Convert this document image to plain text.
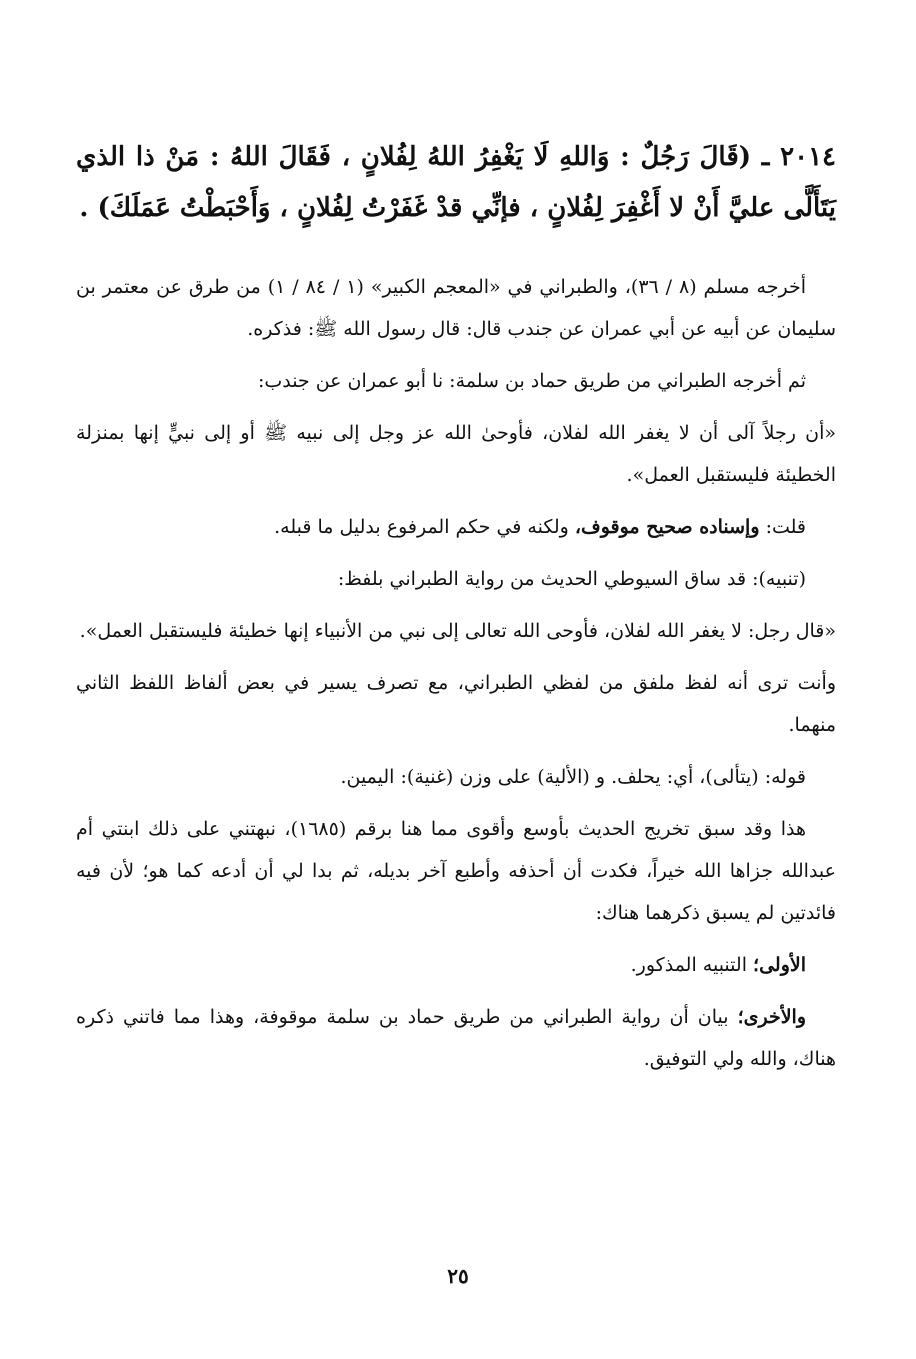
٢٠١٤ ـ (قَالَ رَجُلٌ : وَاللهِ لَا يَغْفِرُ اللهُ لِفُلانٍ ، فَقَالَ اللهُ : مَنْ ذا الذي يَتَأَلَّى عليَّ أَنْ لا أَغْفِرَ لِفُلانٍ ، فإنِّي قدْ غَفَرْتُ لِفُلانٍ ، وَأَحْبَطْتُ عَمَلَكَ) .

أخرجه مسلم (٨ / ٣٦)، والطبراني في «المعجم الكبير» (١ / ٨٤ / ١) من طرق عن معتمر بن سليمان عن أبيه عن أبي عمران عن جندب قال: قال رسول الله ﷺ: فذكره.

ثم أخرجه الطبراني من طريق حماد بن سلمة: نا أبو عمران عن جندب:

«أن رجلاً آلى أن لا يغفر الله لفلان، فأوحىٰ الله عز وجل إلى نبيه ﷺ أو إلى نبيٍّ إنها بمنزلة الخطيئة فليستقبل العمل».

قلت: وإسناده صحيح موقوف، ولكنه في حكم المرفوع بدليل ما قبله.

(تنبيه): قد ساق السيوطي الحديث من رواية الطبراني بلفظ:

«قال رجل: لا يغفر الله لفلان، فأوحى الله تعالى إلى نبي من الأنبياء إنها خطيئة فليستقبل العمل».

وأنت ترى أنه لفظ ملفق من لفظي الطبراني، مع تصرف يسير في بعض ألفاظ اللفظ الثاني منهما.

قوله: (يتألى)، أي: يحلف. و (الألية) على وزن (غنية): اليمين.

هذا وقد سبق تخريج الحديث بأوسع وأقوى مما هنا برقم (١٦٨٥)، نبهتني على ذلك ابنتي أم عبدالله جزاها الله خيراً، فكدت أن أحذفه وأطبع آخر بديله، ثم بدا لي أن أدعه كما هو؛ لأن فيه فائدتين لم يسبق ذكرهما هناك:

الأولى؛ التنبيه المذكور.

والأخرى؛ بيان أن رواية الطبراني من طريق حماد بن سلمة موقوفة، وهذا مما فاتني ذكره هناك، والله ولي التوفيق.

٢٥
